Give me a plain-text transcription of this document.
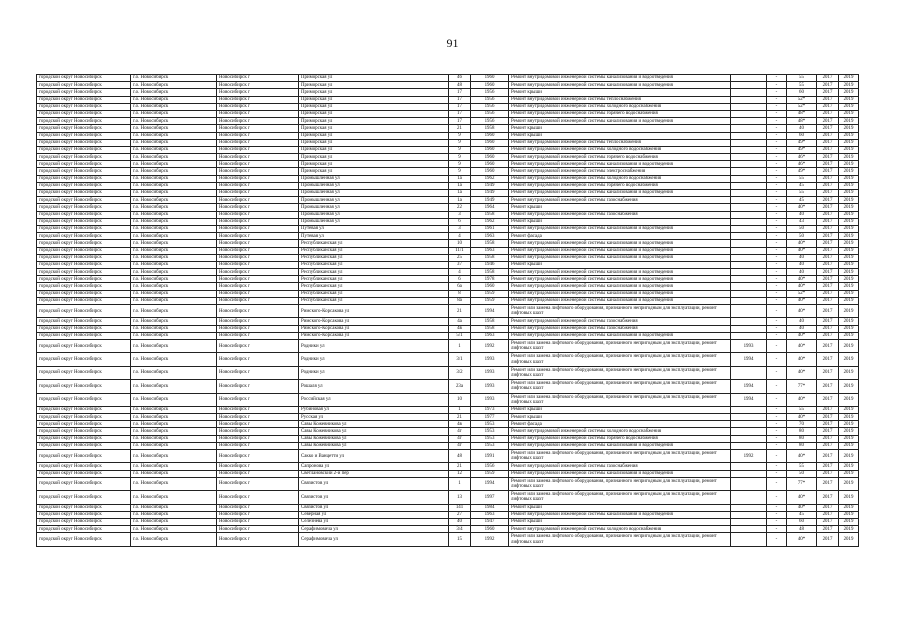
91
городской округ Новосибирск	г.о. Новосибирск	Новосибирск г	Приморская ул	46	1960	Ремонт внутридомовой инженерной системы канализования и водоотведения		-	55	2017	2019
городской округ Новосибирск	г.о. Новосибирск	Новосибирск г	Приморская ул	48	1960	Ремонт внутридомовой инженерной системы канализования и водоотведения		-	55	2017	2019
городской округ Новосибирск	г.о. Новосибирск	Новосибирск г	Приморская ул	17	1956	Ремонт крыши		-	60	2017	2019
городской округ Новосибирск	г.о. Новосибирск	Новосибирск г	Приморская ул	17	1956	Ремонт внутридомовой инженерной системы теплоснабжения		-	52*	2017	2019
городской округ Новосибирск	г.о. Новосибирск	Новосибирск г	Приморская ул	17	1956	Ремонт внутридомовой инженерной системы холодного водоснабжения		-	52*	2017	2019
городской округ Новосибирск	г.о. Новосибирск	Новосибирск г	Приморская ул	17	1956	Ремонт внутридомовой инженерной системы горячего водоснабжения		-	48*	2017	2019
городской округ Новосибирск	г.о. Новосибирск	Новосибирск г	Приморская ул	17	1956	Ремонт внутридомовой инженерной системы канализования и водоотведения		-	48*	2017	2019
городской округ Новосибирск	г.о. Новосибирск	Новосибирск г	Приморская ул	21	1958	Ремонт крыши		-	40	2017	2019
городской округ Новосибирск	г.о. Новосибирск	Новосибирск г	Приморская ул	9	1960	Ремонт крыши		-	60	2017	2019
городской округ Новосибирск	г.о. Новосибирск	Новосибирск г	Приморская ул	9	1960	Ремонт внутридомовой инженерной системы теплоснабжения		-	49*	2017	2019
городской округ Новосибирск	г.о. Новосибирск	Новосибирск г	Приморская ул	9	1960	Ремонт внутридомовой инженерной системы холодного водоснабжения		-	49*	2017	2019
городской округ Новосибирск	г.о. Новосибирск	Новосибирск г	Приморская ул	9	1960	Ремонт внутридомовой инженерной системы горячего водоснабжения		-	46*	2017	2019
городской округ Новосибирск	г.о. Новосибирск	Новосибирск г	Приморская ул	9	1960	Ремонт внутридомовой инженерной системы канализования и водоотведения		-	46*	2017	2019
городской округ Новосибирск	г.о. Новосибирск	Новосибирск г	Приморская ул	9	1960	Ремонт внутридомовой инженерной системы электроснабжения		-	49*	2017	2019
городской округ Новосибирск	г.о. Новосибирск	Новосибирск г	Промышленная ул	1а	1962	Ремонт внутридомовой инженерной системы холодного водоснабжения		-	55	2017	2019
городской округ Новосибирск	г.о. Новосибирск	Новосибирск г	Промышленная ул	1а	1949	Ремонт внутридомовой инженерной системы горячего водоснабжения		-	45	2017	2019
городской округ Новосибирск	г.о. Новосибирск	Новосибирск г	Промышленная ул	1а	1949	Ремонт внутридомовой инженерной системы канализования и водоотведения		-	55	2017	2019
городской округ Новосибирск	г.о. Новосибирск	Новосибирск г	Промышленная ул	1а	1949	Ремонт внутридомовой инженерной системы газоснабжения		-	45	2017	2019
городской округ Новосибирск	г.о. Новосибирск	Новосибирск г	Промышленная ул	22	1964	Ремонт крыши		-	40*	2017	2019
городской округ Новосибирск	г.о. Новосибирск	Новосибирск г	Промышленная ул	3	1958	Ремонт внутридомовой инженерной системы газоснабжения		-	40	2017	2019
городской округ Новосибирск	г.о. Новосибирск	Новосибирск г	Промышленная ул	6	1962	Ремонт крыши		-	43	2017	2019
городской округ Новосибирск	г.о. Новосибирск	Новосибирск г	Путевая ул	3	1961	Ремонт внутридомовой инженерной системы канализования и водоотведения		-	50	2017	2019
городской округ Новосибирск	г.о. Новосибирск	Новосибирск г	Путевая ул	4	1963	Ремонт фасада		-	50	2017	2019
городской округ Новосибирск	г.о. Новосибирск	Новосибирск г	Республиканская ул	10	1958	Ремонт внутридомовой инженерной системы канализования и водоотведения		-	40*	2017	2019
городской округ Новосибирск	г.о. Новосибирск	Новосибирск г	Республиканская ул	11/1	1963	Ремонт внутридомовой инженерной системы канализования и водоотведения		-	40*	2017	2019
городской округ Новосибирск	г.о. Новосибирск	Новосибирск г	Республиканская ул	25	1958	Ремонт внутридомовой инженерной системы канализования и водоотведения		-	40	2017	2019
городской округ Новосибирск	г.о. Новосибирск	Новосибирск г	Республиканская ул	37	1946	Ремонт крыши		-	40	2017	2019
городской округ Новосибирск	г.о. Новосибирск	Новосибирск г	Республиканская ул	4	1958	Ремонт внутридомовой инженерной системы канализования и водоотведения		-	40	2017	2019
городской округ Новосибирск	г.о. Новосибирск	Новосибирск г	Республиканская ул	6	1978	Ремонт внутридомовой инженерной системы канализования и водоотведения		-	40*	2017	2019
городской округ Новосибирск	г.о. Новосибирск	Новосибирск г	Республиканская ул	6а	1960	Ремонт внутридомовой инженерной системы канализования и водоотведения		-	40*	2017	2019
городской округ Новосибирск	г.о. Новосибирск	Новосибирск г	Республиканская ул	8	1959	Ремонт внутридомовой инженерной системы канализования и водоотведения		-	52*	2017	2019
городской округ Новосибирск	г.о. Новосибирск	Новосибирск г	Республиканская ул	8а	1959	Ремонт внутридомовой инженерной системы канализования и водоотведения		-	40*	2017	2019
городской округ Новосибирск	г.о. Новосибирск	Новосибирск г	Римского-Корсакова ул	21	1994	Ремонт или замена лифтового оборудования, признанного непригодным для эксплуатации, ремонт лифтовых шахт		-	40*	2017	2019
городской округ Новосибирск	г.о. Новосибирск	Новосибирск г	Римского-Корсакова ул	4а	1958	Ремонт внутридомовой инженерной системы газоснабжения		-	40	2017	2019
городской округ Новосибирск	г.о. Новосибирск	Новосибирск г	Римского-Корсакова ул	4в	1958	Ремонт внутридомовой инженерной системы газоснабжения		-	40	2017	2019
городской округ Новосибирск	г.о. Новосибирск	Новосибирск г	Римского-Корсакова ул	5/1	1963	Ремонт внутридомовой инженерной системы канализования и водоотведения		-	40*	2017	2019
городской округ Новосибирск	г.о. Новосибирск	Новосибирск г	Родники ул	1	1992	Ремонт или замена лифтового оборудования, признанного непригодным для эксплуатации, ремонт лифтовых шахт	1993	-	40*	2017	2019
городской округ Новосибирск	г.о. Новосибирск	Новосибирск г	Родники ул	3/1	1993	Ремонт или замена лифтового оборудования, признанного непригодным для эксплуатации, ремонт лифтовых шахт	1994	-	40*	2017	2019
городской округ Новосибирск	г.о. Новосибирск	Новосибирск г	Родники ул	3/2	1993	Ремонт или замена лифтового оборудования, признанного непригодным для эксплуатации, ремонт лифтовых шахт		-	40*	2017	2019
городской округ Новосибирск	г.о. Новосибирск	Новосибирск г	Рошаля ул	23а	1993	Ремонт или замена лифтового оборудования, признанного непригодным для эксплуатации, ремонт лифтовых шахт	1994	-	77*	2017	2019
городской округ Новосибирск	г.о. Новосибирск	Новосибирск г	Российская ул	10	1993	Ремонт или замена лифтового оборудования, признанного непригодным для эксплуатации, ремонт лифтовых шахт	1994	-	40*	2017	2019
городской округ Новосибирск	г.о. Новосибирск	Новосибирск г	Рубиновая ул	1	1973	Ремонт крыши		-	55	2017	2019
городской округ Новосибирск	г.о. Новосибирск	Новосибирск г	Русская ул	21	1977	Ремонт крыши		-	40*	2017	2019
городской округ Новосибирск	г.о. Новосибирск	Новосибирск г	Савы Кожевникова ул	4в	1953	Ремонт фасада		-	70	2017	2019
городской округ Новосибирск	г.о. Новосибирск	Новосибирск г	Савы Кожевникова ул	4г	1953	Ремонт внутридомовой инженерной системы холодного водоснабжения		-	80	2017	2019
городской округ Новосибирск	г.о. Новосибирск	Новосибирск г	Савы Кожевникова ул	4г	1953	Ремонт внутридомовой инженерной системы горячего водоснабжения		-	80	2017	2019
городской округ Новосибирск	г.о. Новосибирск	Новосибирск г	Савы Кожевникова ул	4г	1953	Ремонт внутридомовой инженерной системы канализования и водоотведения		-	80	2017	2019
городской округ Новосибирск	г.о. Новосибирск	Новосибирск г	Сакко и Ванцетти ул	48	1991	Ремонт или замена лифтового оборудования, признанного непригодным для эксплуатации, ремонт лифтовых шахт	1992	-	40*	2017	2019
городской округ Новосибирск	г.о. Новосибирск	Новосибирск г	Сапронова ул	21	1956	Ремонт внутридомовой инженерной системы газоснабжения		-	55	2017	2019
городской округ Новосибирск	г.о. Новосибирск	Новосибирск г	Светлановский 2-й пер	12	1959	Ремонт внутридомовой инженерной системы канализования и водоотведения		-	50	2017	2019
городской округ Новосибирск	г.о. Новосибирск	Новосибирск г	Связистов ул	1	1994	Ремонт или замена лифтового оборудования, признанного непригодным для эксплуатации, ремонт лифтовых шахт		-	77*	2017	2019
городской округ Новосибирск	г.о. Новосибирск	Новосибирск г	Связистов ул	13	1997	Ремонт или замена лифтового оборудования, признанного непригодным для эксплуатации, ремонт лифтовых шахт		-	40*	2017	2019
городской округ Новосибирск	г.о. Новосибирск	Новосибирск г	Связистов ул	141	1984	Ремонт крыши		-	40*	2017	2019
городской округ Новосибирск	г.о. Новосибирск	Новосибирск г	Северная ул	27	1963	Ремонт внутридомовой инженерной системы канализования и водоотведения		-	45	2017	2019
городской округ Новосибирск	г.о. Новосибирск	Новосибирск г	Селезнева ул	40	1947	Ремонт крыши		-	60	2017	2019
городской округ Новосибирск	г.о. Новосибирск	Новосибирск г	Серафимовича ул	3/4	1960	Ремонт внутридомовой инженерной системы холодного водоснабжения		-	48	2017	2019
городской округ Новосибирск	г.о. Новосибирск	Новосибирск г	Серафимовича ул	15	1992	Ремонт или замена лифтового оборудования, признанного непригодным для эксплуатации, ремонт лифтовых шахт		-	40*	2017	2019
